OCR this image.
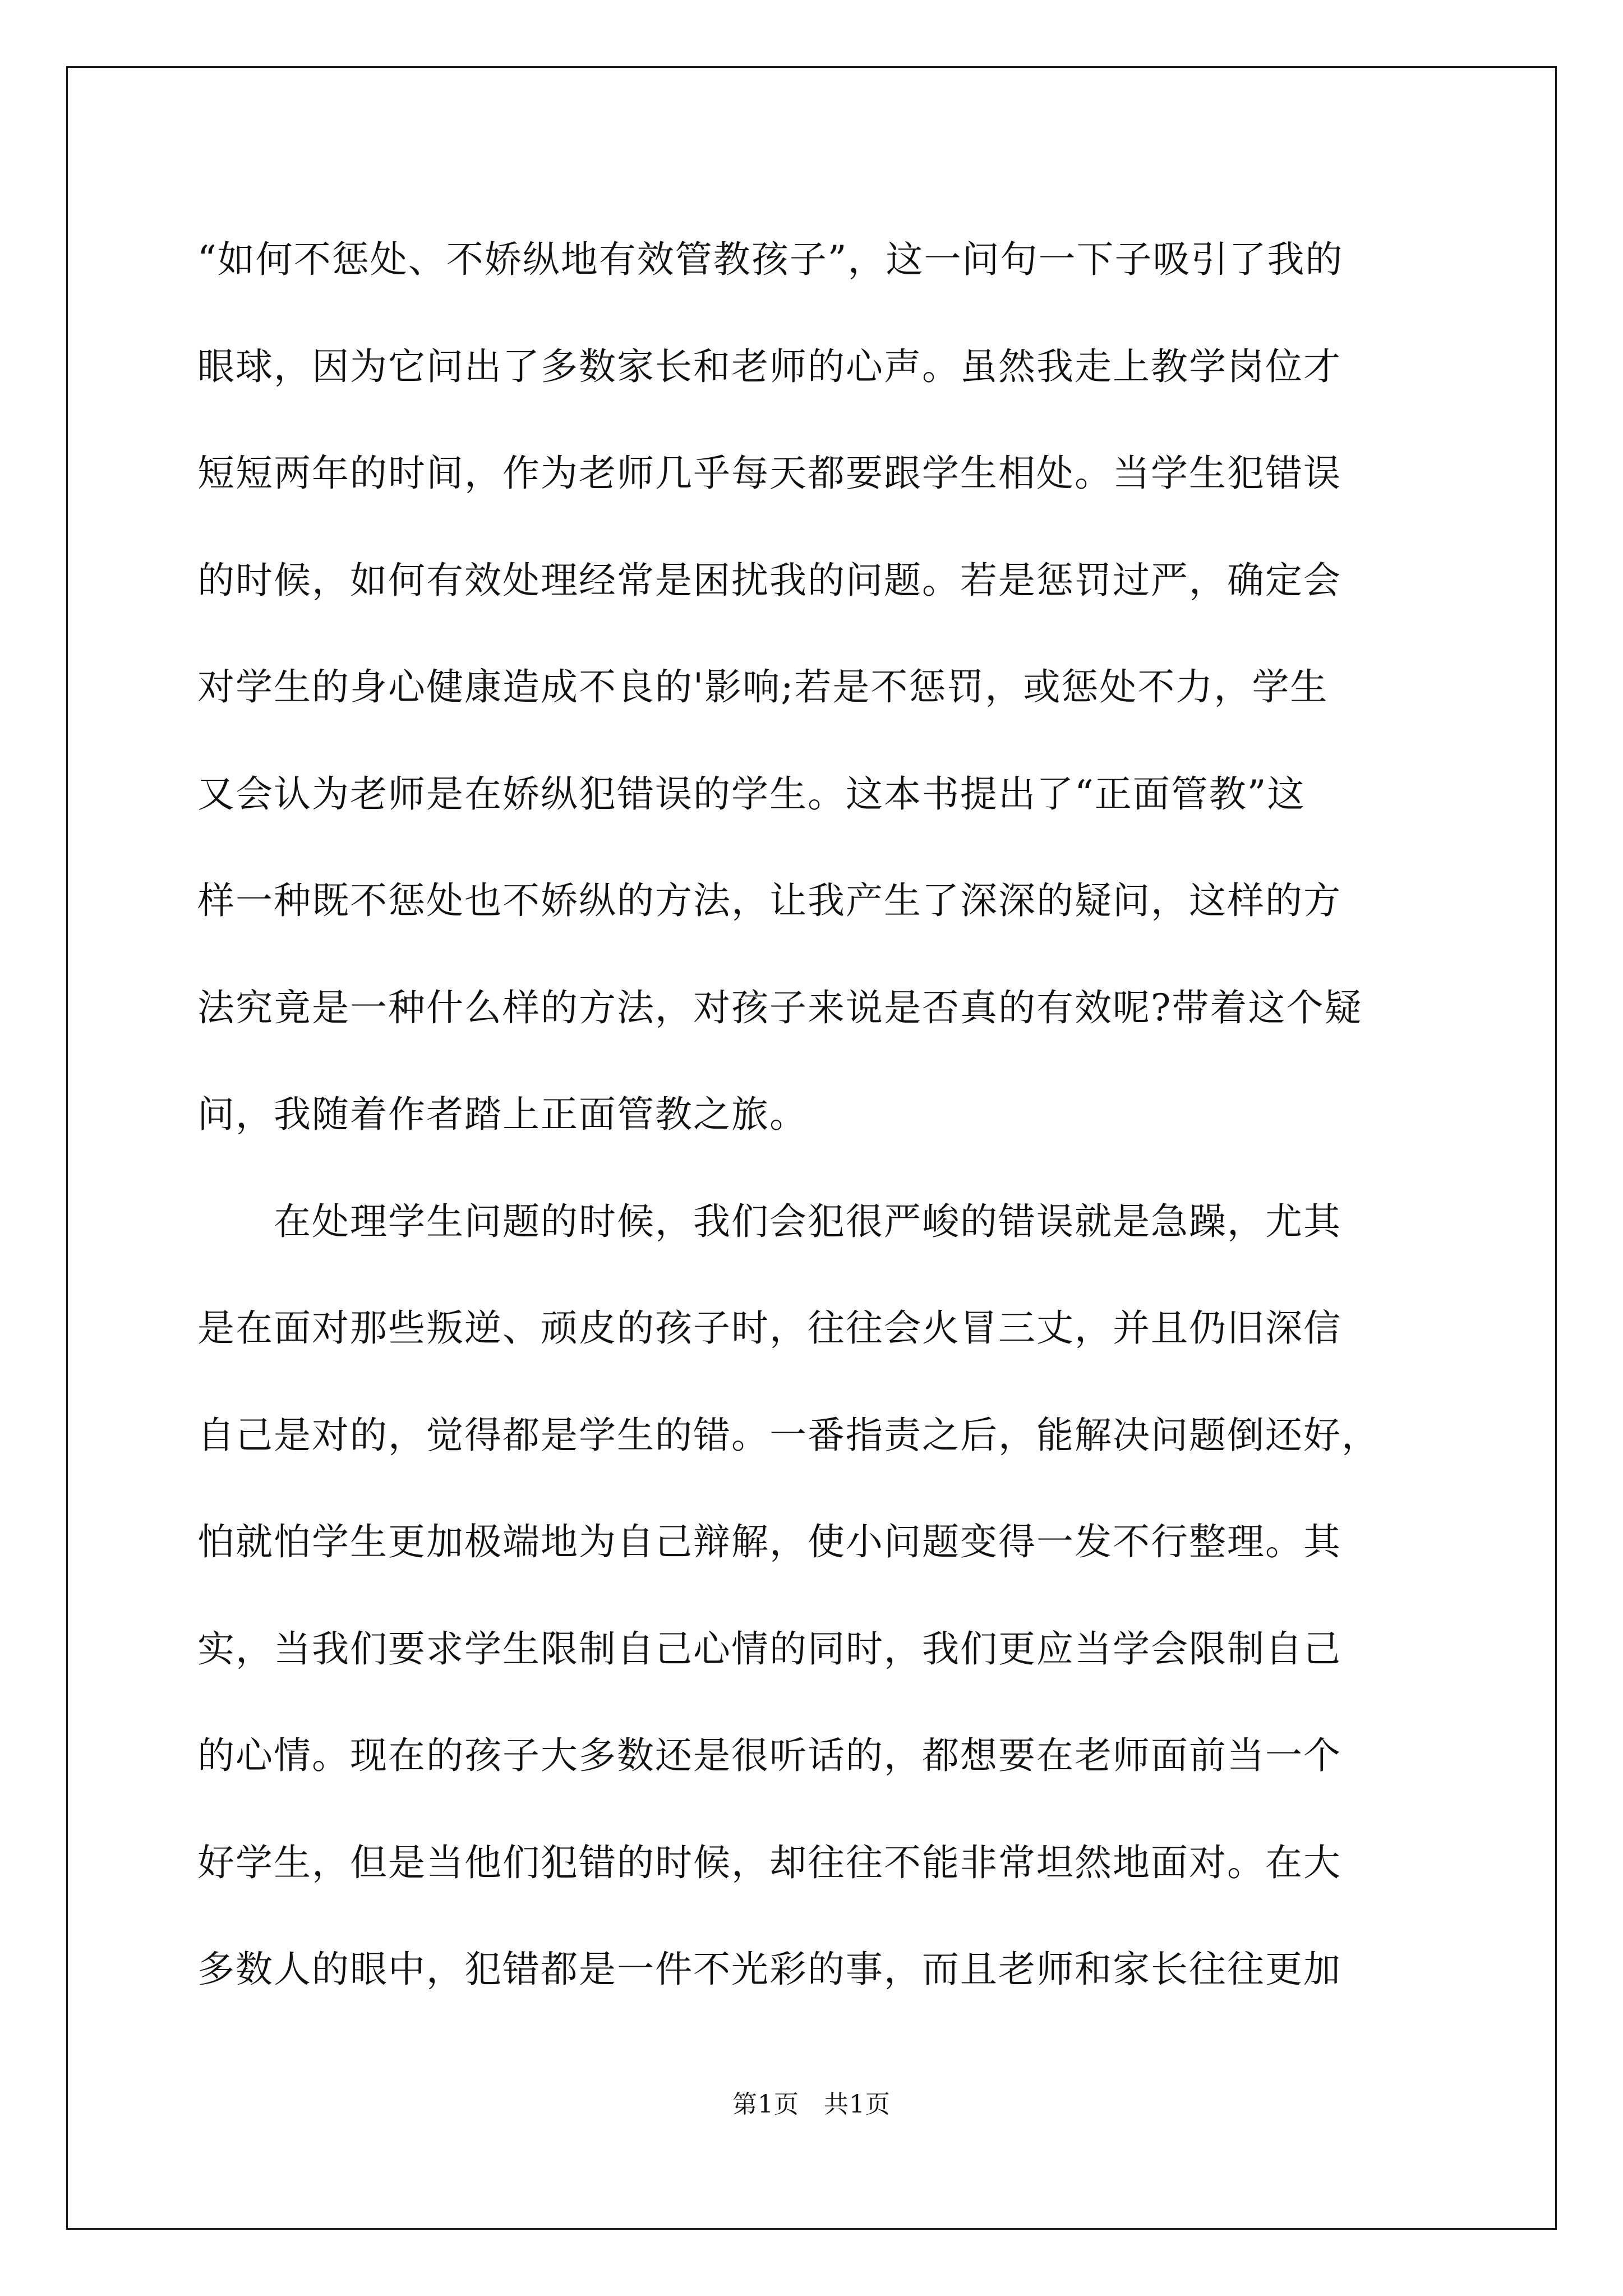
“如何不惩处、不娇纵地有效管教孩子”，这一问句一下子吸引了我的
眼球，因为它问出了多数家长和老师的心声。虽然我走上教学岗位才
短短两年的时间，作为老师几乎每天都要跟学生相处。当学生犯错误
的时候，如何有效处理经常是困扰我的问题。若是惩罚过严，确定会
对学生的身心健康造成不良的'影响;若是不惩罚，或惩处不力，学生
又会认为老师是在娇纵犯错误的学生。这本书提出了“正面管教”这
样一种既不惩处也不娇纵的方法，让我产生了深深的疑问，这样的方
法究竟是一种什么样的方法，对孩子来说是否真的有效呢?带着这个疑
问，我随着作者踏上正面管教之旅。

　　在处理学生问题的时候，我们会犯很严峻的错误就是急躁，尤其
是在面对那些叛逆、顽皮的孩子时，往往会火冒三丈，并且仍旧深信
自己是对的，觉得都是学生的错。一番指责之后，能解决问题倒还好，
怕就怕学生更加极端地为自己辩解，使小问题变得一发不行整理。其
实，当我们要求学生限制自己心情的同时，我们更应当学会限制自己
的心情。现在的孩子大多数还是很听话的，都想要在老师面前当一个
好学生，但是当他们犯错的时候，却往往不能非常坦然地面对。在大
多数人的眼中，犯错都是一件不光彩的事，而且老师和家长往往更加

第1页 共1页
